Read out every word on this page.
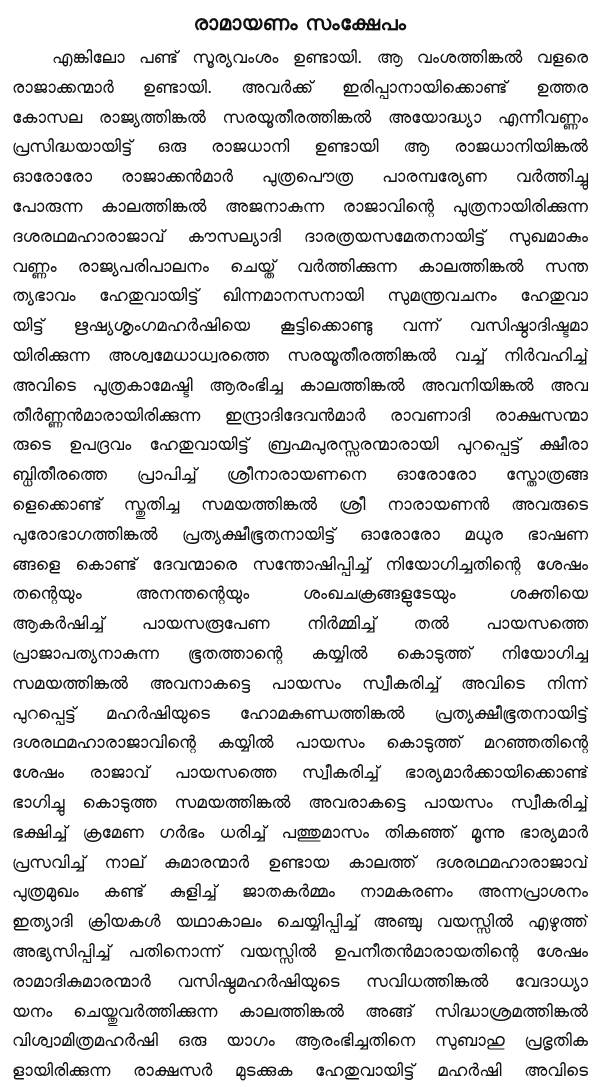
രാമായണം സംക്ഷേപം
എങ്കിലോ പണ്ട് സൂര്യവംശം ഉണ്ടായി. ആ വംശത്തിങ്കൽ വളരെ
രാജാക്കന്മാർ ഉണ്ടായി. അവർക്ക് ഇരിപ്പാനായിക്കൊണ്ട് ഉത്തര
കോസല രാജ്യത്തിങ്കൽ സരയൂതീരത്തിങ്കൽ അയോദ്ധ്യാ എന്നീവണ്ണം
പ്രസിദ്ധയായിട്ട് ഒരു രാജധാനി ഉണ്ടായി ആ രാജധാനിയിങ്കൽ
ഓരോരോ രാജാക്കൻമാർ പുത്രപൌത്ര പാരമ്പര്യേണ വർത്തിച്ചു
പോരുന്ന കാലത്തിങ്കൽ അജനാകുന്ന രാജാവിന്റെ പുത്രനായിരിക്കുന്ന
ദശരഥമഹാരാജാവ് കൗസല്യാദി ദാരത്രയസമേതനായിട്ട് സുഖമാകും
വണ്ണം രാജ്യപരിപാലനം ചെയ്ത് വർത്തിക്കുന്ന കാലത്തിങ്കൽ സന്ത
ത്യഭാവം ഹേതുവായിട്ട് ഖിന്നമാനസനായി സുമന്ത്രവചനം ഹേതുവാ
യിട്ട് ഋഷ്യശൃംഗമഹർഷിയെ കൂട്ടിക്കൊണ്ടു വന്ന് വസിഷ്ഠാദിഷ്ടമാ
യിരിക്കുന്ന അശ്വമേധാധ്വരത്തെ സരയൂതീരത്തിങ്കൽ വച്ച് നിർവഹിച്ച്
അവിടെ പുത്രകാമേഷ്ടി ആരംഭിച്ച കാലത്തിങ്കൽ അവനിയിങ്കൽ അവ
തീർണ്ണൻമാരായിരിക്കുന്ന ഇന്ദ്രാദിദേവൻമാർ രാവണാദി രാക്ഷസന്മാ
രുടെ ഉപദ്രവം ഹേതുവായിട്ട് ബ്രഹ്മപുരസ്സരന്മാരായി പുറപ്പെട്ട് ക്ഷീരാ
ബ്ധിതീരത്തെ പ്രാപിച്ച് ശ്രീനാരായണനെ ഓരോരോ സ്തോത്രങ്ങ
ളെക്കൊണ്ട് സ്തുതിച്ച സമയത്തിങ്കൽ ശ്രീ നാരായണൻ അവരുടെ
പുരോഭാഗത്തിങ്കൽ പ്രത്യക്ഷീഭൂതനായിട്ട് ഓരോരോ മധുര ഭാഷണ
ങ്ങളെ കൊണ്ട് ദേവന്മാരെ സന്തോഷിപ്പിച്ച് നിയോഗിച്ചതിന്റെ ശേഷം
തന്റെയും അനന്തന്റെയും ശംഖചക്രങ്ങളുടേയും ശക്തിയെ
ആകർഷിച്ച് പായസരൂപേണ നിർമ്മിച്ച് തൽ പായസത്തെ
പ്രാജാപത്യനാകുന്ന ഭൂതത്താന്റെ കയ്യിൽ കൊടുത്ത് നിയോഗിച്ച
സമയത്തിങ്കൽ അവനാകട്ടെ പായസം സ്വീകരിച്ച് അവിടെ നിന്ന്
പുറപ്പെട്ട് മഹർഷിയുടെ ഹോമകുണ്ഡത്തിങ്കൽ പ്രത്യക്ഷീഭൂതനായിട്ട്
ദശരഥമഹാരാജാവിന്റെ കയ്യിൽ പായസം കൊടുത്ത് മറഞ്ഞതിന്റെ
ശേഷം രാജാവ് പായസത്തെ സ്വീകരിച്ച് ഭാര്യമാർക്കായിക്കൊണ്ട്
ഭാഗിച്ചു കൊടുത്ത സമയത്തിങ്കൽ അവരാകട്ടെ പായസം സ്വീകരിച്ച്
ഭക്ഷിച്ച് ക്രമേണ ഗർഭം ധരിച്ച് പത്തുമാസം തികഞ്ഞ് മൂന്നു ഭാര്യമാർ
പ്രസവിച്ച് നാല് കുമാരന്മാർ ഉണ്ടായ കാലത്ത് ദശരഥമഹാരാജാവ്
പുത്രമുഖം കണ്ട് കുളിച്ച് ജാതകർമ്മം നാമകരണം അന്നപ്രാശനം
ഇത്യാദി ക്രിയകൾ യഥാകാലം ചെയ്യിപ്പിച്ച് അഞ്ചു വയസ്സിൽ എഴുത്ത്
അഭ്യസിപ്പിച്ച് പതിനൊന്ന് വയസ്സിൽ ഉപനീതൻമാരായതിന്റെ ശേഷം
രാമാദികുമാരന്മാർ വസിഷ്ഠമഹർഷിയുടെ സവിധത്തിങ്കൽ വേദാധ്യാ
യനം ചെയ്തുവർത്തിക്കുന്ന കാലത്തിങ്കൽ അങ്ങ് സിദ്ധാശ്രമത്തിങ്കൽ
വിശ്വാമിത്രമഹർഷി ഒരു യാഗം ആരംഭിച്ചതിനെ സുബാഹു പ്രഭൃതിക
ളായിരിക്കുന്ന രാക്ഷസർ മുടക്കുക ഹേതുവായിട്ട് മഹർഷി അവിടെ
